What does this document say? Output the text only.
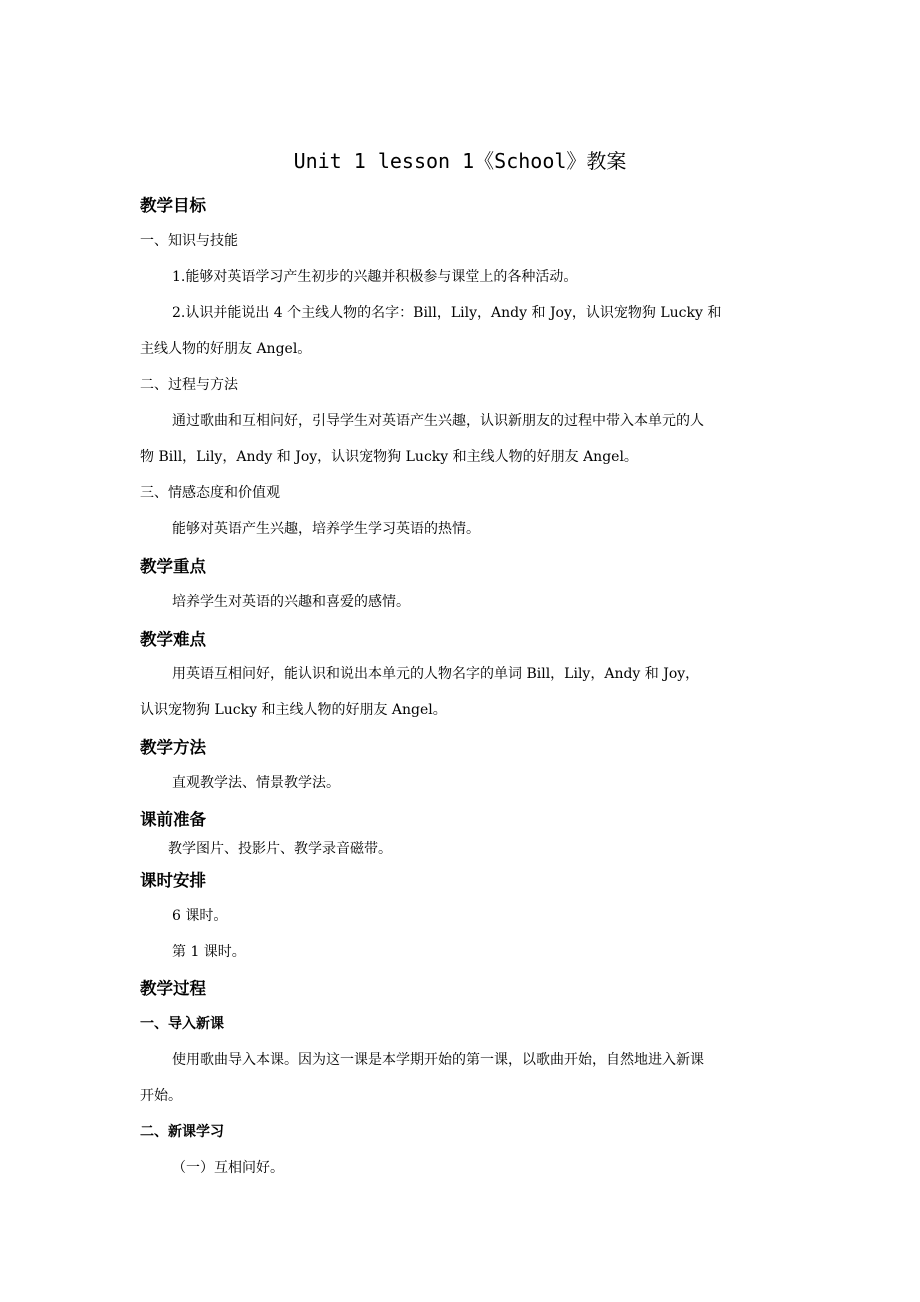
Unit 1 lesson 1《School》教案
教学目标
一、知识与技能
1.能够对英语学习产生初步的兴趣并积极参与课堂上的各种活动。
2.认识并能说出 4 个主线人物的名字：Bill，Lily，Andy 和 Joy，认识宠物狗 Lucky 和
主线人物的好朋友 Angel。
二、过程与方法
通过歌曲和互相问好，引导学生对英语产生兴趣，认识新朋友的过程中带入本单元的人
物 Bill，Lily，Andy 和 Joy，认识宠物狗 Lucky 和主线人物的好朋友 Angel。
三、情感态度和价值观
能够对英语产生兴趣，培养学生学习英语的热情。
教学重点
培养学生对英语的兴趣和喜爱的感情。
教学难点
用英语互相问好，能认识和说出本单元的人物名字的单词 Bill，Lily，Andy 和 Joy，
认识宠物狗 Lucky 和主线人物的好朋友 Angel。
教学方法
直观教学法、情景教学法。
课前准备
教学图片、投影片、教学录音磁带。
课时安排
6 课时。
第 1 课时。
教学过程
一、导入新课
使用歌曲导入本课。因为这一课是本学期开始的第一课，以歌曲开始，自然地进入新课
开始。
二、新课学习
（一）互相问好。
